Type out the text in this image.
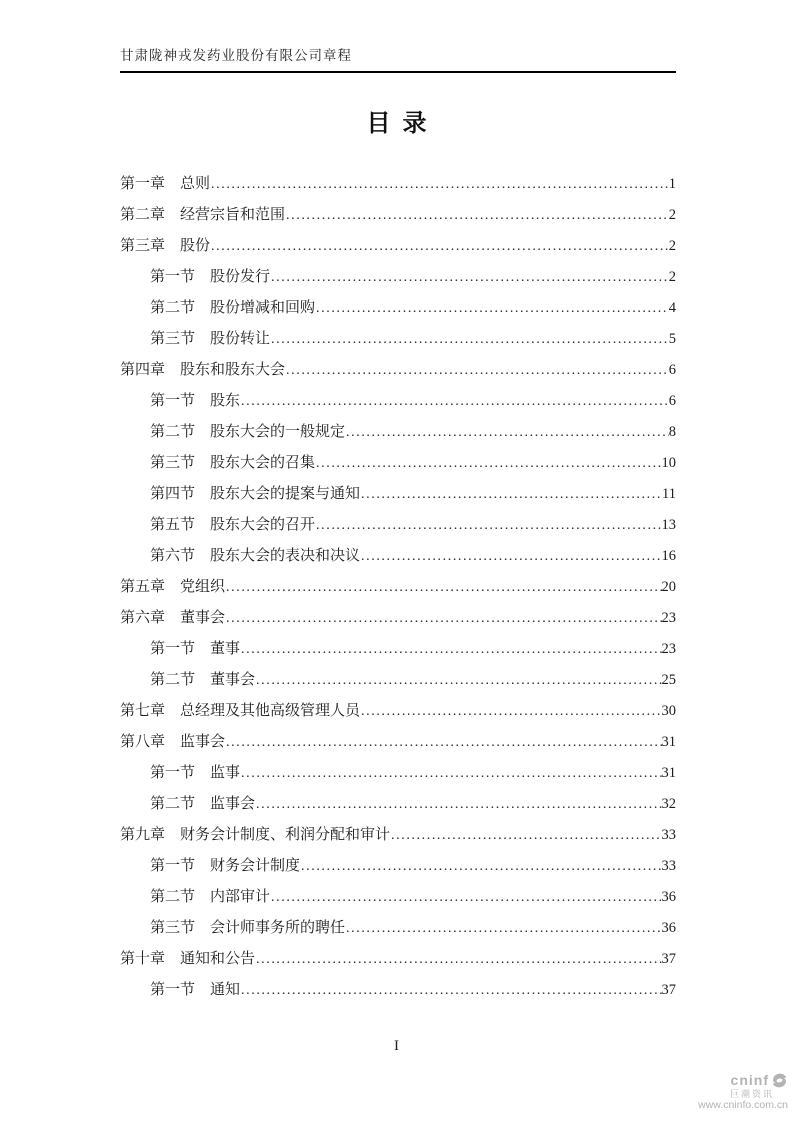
甘肃陇神戎发药业股份有限公司章程
目  录
第一章 总则 .....	1
第二章 经营宗旨和范围 .....	2
第三章 股份 .....	2
第一节 股份发行 .....	2
第二节 股份增减和回购 .....	4
第三节 股份转让 .....	5
第四章 股东和股东大会 .....	6
第一节 股东 .....	6
第二节 股东大会的一般规定 .....	8
第三节 股东大会的召集 .....	10
第四节 股东大会的提案与通知 .....	11
第五节 股东大会的召开 .....	13
第六节 股东大会的表决和决议 .....	16
第五章 党组织 .....	20
第六章 董事会 .....	23
第一节 董事 .....	23
第二节 董事会 .....	25
第七章 总经理及其他高级管理人员 .....	30
第八章 监事会 .....	31
第一节 监事 .....	31
第二节 监事会 .....	32
第九章 财务会计制度、利润分配和审计 .....	33
第一节 财务会计制度 .....	33
第二节 内部审计 .....	36
第三节 会计师事务所的聘任 .....	36
第十章 通知和公告 .....	37
第一节 通知 .....	37
I
cninf
巨潮资讯
www.cninfo.com.cn
